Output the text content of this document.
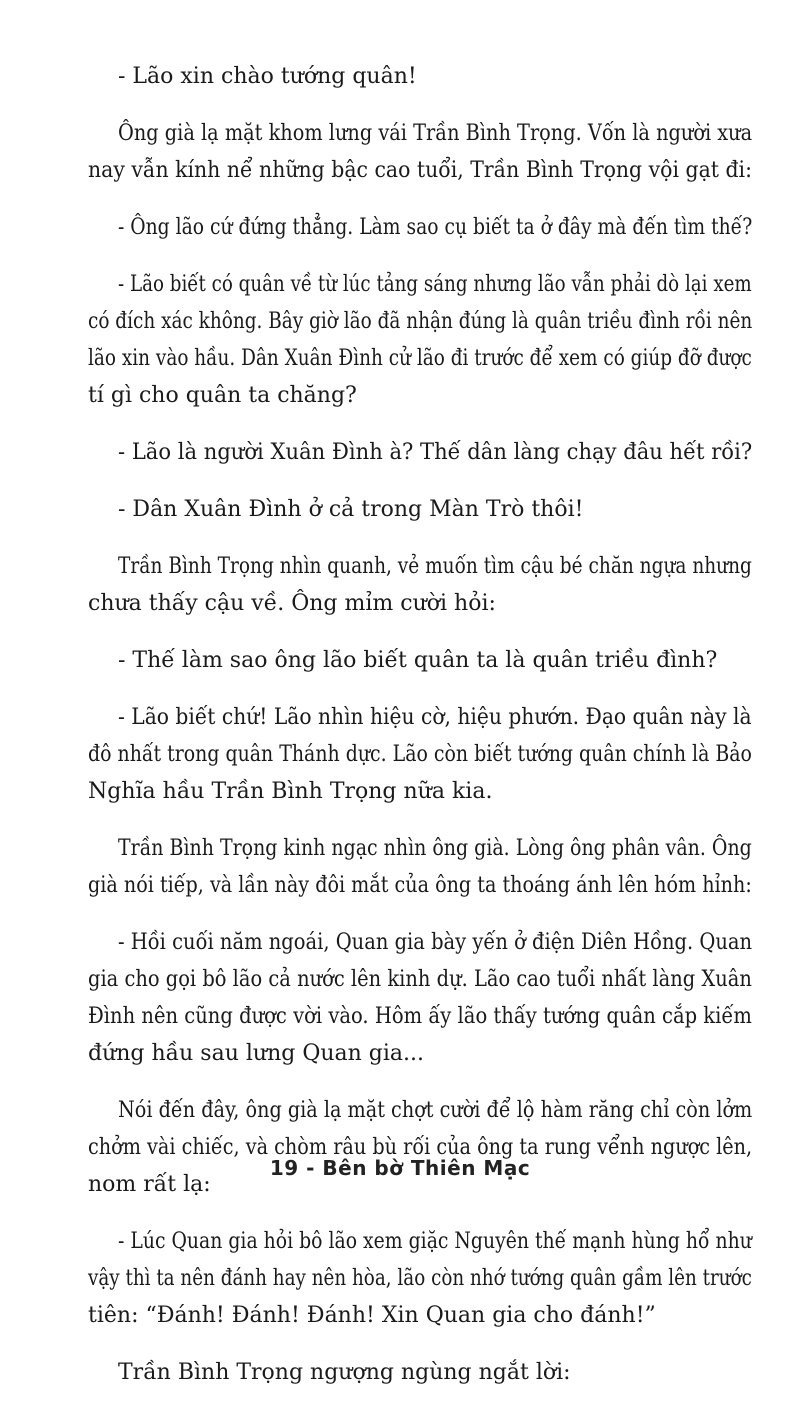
- Lão xin chào tướng quân!

Ông già lạ mặt khom lưng vái Trần Bình Trọng. Vốn là người xưa
nay vẫn kính nể những bậc cao tuổi, Trần Bình Trọng vội gạt đi:

- Ông lão cứ đứng thẳng. Làm sao cụ biết ta ở đây mà đến tìm thế?

- Lão biết có quân về từ lúc tảng sáng nhưng lão vẫn phải dò lại xem
có đích xác không. Bây giờ lão đã nhận đúng là quân triều đình rồi nên
lão xin vào hầu. Dân Xuân Đình cử lão đi trước để xem có giúp đỡ được
tí gì cho quân ta chăng?

- Lão là người Xuân Đình à? Thế dân làng chạy đâu hết rồi?

- Dân Xuân Đình ở cả trong Màn Trò thôi!

Trần Bình Trọng nhìn quanh, vẻ muốn tìm cậu bé chăn ngựa nhưng
chưa thấy cậu về. Ông mỉm cười hỏi:

- Thế làm sao ông lão biết quân ta là quân triều đình?

- Lão biết chứ! Lão nhìn hiệu cờ, hiệu phướn. Đạo quân này là
đô nhất trong quân Thánh dực. Lão còn biết tướng quân chính là Bảo
Nghĩa hầu Trần Bình Trọng nữa kia.

Trần Bình Trọng kinh ngạc nhìn ông già. Lòng ông phân vân. Ông
già nói tiếp, và lần này đôi mắt của ông ta thoáng ánh lên hóm hỉnh:

- Hồi cuối năm ngoái, Quan gia bày yến ở điện Diên Hồng. Quan
gia cho gọi bô lão cả nước lên kinh dự. Lão cao tuổi nhất làng Xuân
Đình nên cũng được vời vào. Hôm ấy lão thấy tướng quân cắp kiếm
đứng hầu sau lưng Quan gia...

Nói đến đây, ông già lạ mặt chợt cười để lộ hàm răng chỉ còn lởm
chởm vài chiếc, và chòm râu bù rối của ông ta rung vểnh ngược lên,
nom rất lạ:

- Lúc Quan gia hỏi bô lão xem giặc Nguyên thế mạnh hùng hổ như
vậy thì ta nên đánh hay nên hòa, lão còn nhớ tướng quân gầm lên trước
tiên: “Đánh! Đánh! Đánh! Xin Quan gia cho đánh!”

Trần Bình Trọng ngượng ngùng ngắt lời:

19 - Bên bờ Thiên Mạc
